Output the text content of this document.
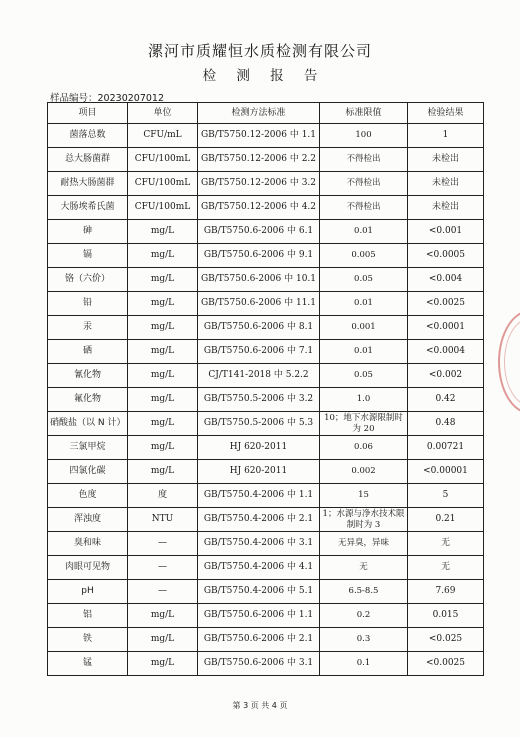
漯河市质耀恒水质检测有限公司
检 测 报 告
样品编号：20230207012
项目	单位	检测方法标准	标准限值	检验结果
菌落总数	CFU/mL	GB/T5750.12-2006 中 1.1	100	1
总大肠菌群	CFU/100mL	GB/T5750.12-2006 中 2.2	不得检出	未检出
耐热大肠菌群	CFU/100mL	GB/T5750.12-2006 中 3.2	不得检出	未检出
大肠埃希氏菌	CFU/100mL	GB/T5750.12-2006 中 4.2	不得检出	未检出
砷	mg/L	GB/T5750.6-2006 中 6.1	0.01	<0.001
镉	mg/L	GB/T5750.6-2006 中 9.1	0.005	<0.0005
铬（六价）	mg/L	GB/T5750.6-2006 中 10.1	0.05	<0.004
铅	mg/L	GB/T5750.6-2006 中 11.1	0.01	<0.0025
汞	mg/L	GB/T5750.6-2006 中 8.1	0.001	<0.0001
硒	mg/L	GB/T5750.6-2006 中 7.1	0.01	<0.0004
氰化物	mg/L	CJ/T141-2018 中 5.2.2	0.05	<0.002
氟化物	mg/L	GB/T5750.5-2006 中 3.2	1.0	0.42
硝酸盐（以 N 计）	mg/L	GB/T5750.5-2006 中 5.3	10；地下水源限制时为 20	0.48
三氯甲烷	mg/L	HJ 620-2011	0.06	0.00721
四氯化碳	mg/L	HJ 620-2011	0.002	<0.00001
色度	度	GB/T5750.4-2006 中 1.1	15	5
浑浊度	NTU	GB/T5750.4-2006 中 2.1	1；水源与净水技术限制时为 3	0.21
臭和味	—	GB/T5750.4-2006 中 3.1	无异臭，异味	无
肉眼可见物	—	GB/T5750.4-2006 中 4.1	无	无
pH	—	GB/T5750.4-2006 中 5.1	6.5-8.5	7.69
铝	mg/L	GB/T5750.6-2006 中 1.1	0.2	0.015
铁	mg/L	GB/T5750.6-2006 中 2.1	0.3	<0.025
锰	mg/L	GB/T5750.6-2006 中 3.1	0.1	<0.0025
第 3 页 共 4 页
